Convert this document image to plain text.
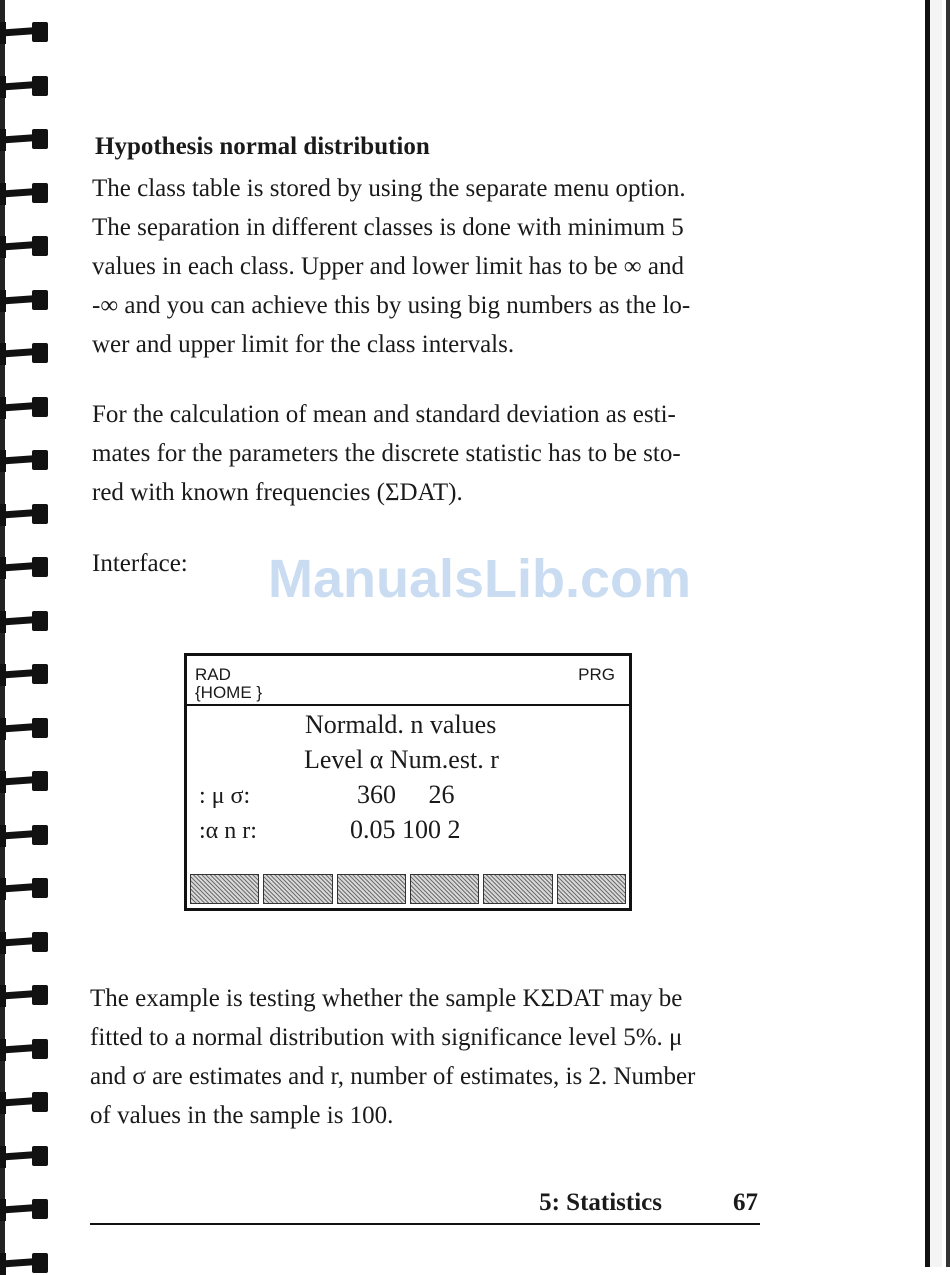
Hypothesis normal distribution
The class table is stored by using the separate menu option.
The separation in different classes is done with minimum 5
values in each class. Upper and lower limit has to be ∞ and
-∞ and you can achieve this by using big numbers as the lo-
wer and upper limit for the class intervals.
For the calculation of mean and standard deviation as esti-
mates for the parameters the discrete statistic has to be sto-
red with known frequencies (ΣDAT).
Interface:	ManualsLib.com
RAD
{HOME }
PRG
Normald. n values
Level α Num.est. r
: μ σ:	360     26
:α n r:	0.05 100 2
The example is testing whether the sample KΣDAT may be
fitted to a normal distribution with significance level 5%. μ
and σ are estimates and r, number of estimates, is 2. Number
of values in the sample is 100.
5: Statistics	67
